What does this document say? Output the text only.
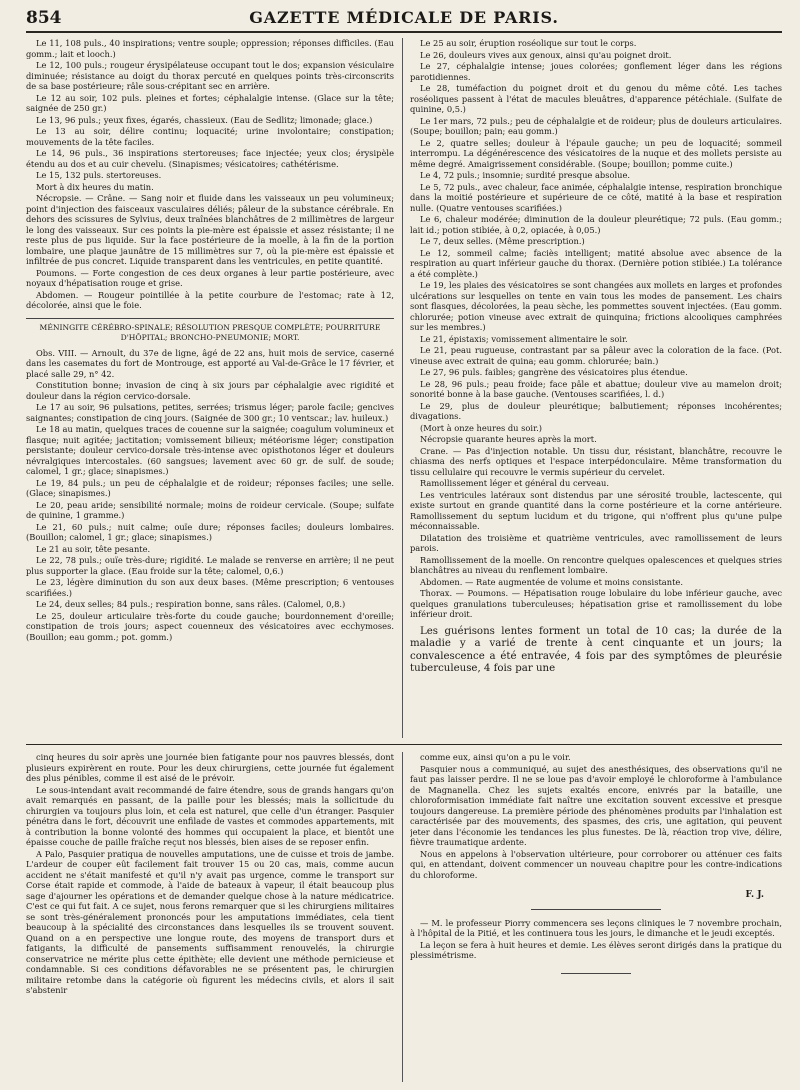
854	GAZETTE MÉDICALE DE PARIS.

Le 11, 108 puls., 40 inspirations; ventre souple; oppression; réponses difficiles. (Eau gomm.; lait et looch.)

Le 12, 100 puls.; rougeur érysipélateuse occupant tout le dos; expansion vésiculaire diminuée; résistance au doigt du thorax percuté en quelques points très-circonscrits de sa base postérieure; râle sous-crépitant sec en arrière.

Le 12 au soir, 102 puls. pleines et fortes; céphalalgie intense. (Glace sur la tête; saignée de 250 gr.)

Le 13, 96 puls.; yeux fixes, égarés, chassieux. (Eau de Sedlitz; limonade; glace.)

Le 13 au soir, délire continu; loquacité; urine involontaire; constipation; mouvements de la tête faciles.

Le 14, 96 puls., 36 inspirations stertoreuses; face injectée; yeux clos; érysipèle étendu au dos et au cuir chevelu. (Sinapismes; vésicatoires; cathétérisme.

Le 15, 132 puls. stertoreuses.

Mort à dix heures du matin.

Nécropsie. — Crâne. — Sang noir et fluide dans les vaisseaux un peu volumineux; point d'injection des faisceaux vasculaires déliés; pâleur de la substance cérébrale. En dehors des scissures de Sylvius, deux traînées blanchâtres de 2 millimètres de largeur le long des vaisseaux. Sur ces points la pie-mère est épaissie et assez résistante; il ne reste plus de pus liquide. Sur la face postérieure de la moelle, à la fin de la portion lombaire, une plaque jaunâtre de 15 millimètres sur 7, où la pie-mère est épaissie et infiltrée de pus concret. Liquide transparent dans les ventricules, en petite quantité.

Poumons. — Forte congestion de ces deux organes à leur partie postérieure, avec noyaux d'hépatisation rouge et grise.

Abdomen. — Rougeur pointillée à la petite courbure de l'estomac; rate à 12, décolorée, ainsi que le foie.

MÉNINGITE CÉRÉBRO-SPINALE; RÉSOLUTION PRESQUE COMPLÈTE; POURRITURE D'HÔPITAL; BRONCHO-PNEUMONIE; MORT.

Obs. VIII. — Arnoult, du 37e de ligne, âgé de 22 ans, huit mois de service, caserné dans les casemates du fort de Montrouge, est apporté au Val-de-Grâce le 17 février, et placé salle 29, n° 42.

Constitution bonne; invasion de cinq à six jours par céphalalgie avec rigidité et douleur dans la région cervico-dorsale.

Le 17 au soir, 96 pulsations, petites, serrées; trismus léger; parole facile; gencives saignantes; constipation de cinq jours. (Saignée de 300 gr.; 10 ventscar.; lav. huileux.)

Le 18 au matin, quelques traces de couenne sur la saignée; coagulum volumineux et flasque; nuit agitée; jactitation; vomissement bilieux; météorisme léger; constipation persistante; douleur cervico-dorsale très-intense avec opisthotonos léger et douleurs névralgiques intercostales. (60 sangsues; lavement avec 60 gr. de sulf. de soude; calomel, 1 gr.; glace; sinapismes.)

Le 19, 84 puls.; un peu de céphalalgie et de roideur; réponses faciles; une selle. (Glace; sinapismes.)

Le 20, peau aride; sensibilité normale; moins de roideur cervicale. (Soupe; sulfate de quinine, 1 gramme.)

Le 21, 60 puls.; nuit calme; ouïe dure; réponses faciles; douleurs lombaires. (Bouillon; calomel, 1 gr.; glace; sinapismes.)

Le 21 au soir, tête pesante.

Le 22, 78 puls.; ouïe très-dure; rigidité. Le malade se renverse en arrière; il ne peut plus supporter la glace. (Eau froide sur la tête; calomel, 0,6.)

Le 23, légère diminution du son aux deux bases. (Même prescription; 6 ventouses scarifiées.)

Le 24, deux selles; 84 puls.; respiration bonne, sans râles. (Calomel, 0,8.)

Le 25, douleur articulaire très-forte du coude gauche; bourdonnement d'oreille; constipation de trois jours; aspect couenneux des vésicatoires avec ecchymoses. (Bouillon; eau gomm.; pot. gomm.)

Le 25 au soir, éruption roséolique sur tout le corps.

Le 26, douleurs vives aux genoux, ainsi qu'au poignet droit.

Le 27, céphalalgie intense; joues colorées; gonflement léger dans les régions parotidiennes.

Le 28, tuméfaction du poignet droit et du genou du même côté. Les taches roséoliques passent à l'état de macules bleuâtres, d'apparence pétéchiale. (Sulfate de quinine, 0,5.)

Le 1er mars, 72 puls.; peu de céphalalgie et de roideur; plus de douleurs articulaires. (Soupe; bouillon; pain; eau gomm.)

Le 2, quatre selles; douleur à l'épaule gauche; un peu de loquacité; sommeil interrompu. La dégénérescence des vésicatoires de la nuque et des mollets persiste au même degré. Amaigrissement considérable. (Soupe; bouillon; pomme cuite.)

Le 4, 72 puls.; insomnie; surdité presque absolue.

Le 5, 72 puls., avec chaleur, face animée, céphalalgie intense, respiration bronchique dans la moitié postérieure et supérieure de ce côté, matité à la base et respiration nulle. (Quatre ventouses scarifiées.)

Le 6, chaleur modérée; diminution de la douleur pleurétique; 72 puls. (Eau gomm.; lait id.; potion stibiée, à 0,2, opiacée, à 0,05.)

Le 7, deux selles. (Même prescription.)

Le 12, sommeil calme; faciès intelligent; matité absolue avec absence de la respiration au quart inférieur gauche du thorax. (Dernière potion stibiée.) La tolérance a été complète.)

Le 19, les plaies des vésicatoires se sont changées aux mollets en larges et profondes ulcérations sur lesquelles on tente en vain tous les modes de pansement. Les chairs sont flasques, décolorées, la peau sèche, les pommettes souvent injectées. (Eau gomm. chlorurée; potion vineuse avec extrait de quinquina; frictions alcooliques camphrées sur les membres.)

Le 21, épistaxis; vomissement alimentaire le soir.

Le 21, peau rugueuse, contrastant par sa pâleur avec la coloration de la face. (Pot. vineuse avec extrait de quina; eau gomm. chlorurée; bain.)

Le 27, 96 puls. faibles; gangrène des vésicatoires plus étendue.

Le 28, 96 puls.; peau froide; face pâle et abattue; douleur vive au mamelon droit; sonorité bonne à la base gauche. (Ventouses scarifiées, l. d.)

Le 29, plus de douleur pleurétique; balbutiement; réponses incohérentes; divagations.

(Mort à onze heures du soir.)

Nécropsie quarante heures après la mort.

Crane. — Pas d'injection notable. Un tissu dur, résistant, blanchâtre, recouvre le chiasma des nerfs optiques et l'espace interpédonculaire. Même transformation du tissu cellulaire qui recouvre le vermis supérieur du cervelet.

Ramollissement léger et général du cerveau.

Les ventricules latéraux sont distendus par une sérosité trouble, lactescente, qui existe surtout en grande quantité dans la corne postérieure et la corne antérieure. Ramollissement du septum lucidum et du trigone, qui n'offrent plus qu'une pulpe méconnaissable.

Dilatation des troisième et quatrième ventricules, avec ramollissement de leurs parois.

Ramollissement de la moelle. On rencontre quelques opalescences et quelques stries blanchâtres au niveau du renflement lombaire.

Abdomen. — Rate augmentée de volume et moins consistante.

Thorax. — Poumons. — Hépatisation rouge lobulaire du lobe inférieur gauche, avec quelques granulations tuberculeuses; hépatisation grise et ramollissement du lobe inférieur droit.

Les guérisons lentes forment un total de 10 cas; la durée de la maladie y a varié de trente à cent cinquante et un jours; la convalescence a été entravée, 4 fois par des symptômes de pleurésie tuberculeuse, 4 fois par une

cinq heures du soir après une journée bien fatigante pour nos pauvres blessés, dont plusieurs expirèrent en route. Pour les deux chirurgiens, cette journée fut également des plus pénibles, comme il est aisé de le prévoir.

Le sous-intendant avait recommandé de faire étendre, sous de grands hangars qu'on avait remarqués en passant, de la paille pour les blessés; mais la sollicitude du chirurgien va toujours plus loin, et cela est naturel, que celle d'un étranger. Pasquier pénétra dans le fort, découvrit une enfilade de vastes et commodes appartements, mit à contribution la bonne volonté des hommes qui occupaient la place, et bientôt une épaisse couche de paille fraîche reçut nos blessés, bien aises de se reposer enfin.

A Palo, Pasquier pratiqua de nouvelles amputations, une de cuisse et trois de jambe. L'ardeur de couper eût facilement fait trouver 15 ou 20 cas, mais, comme aucun accident ne s'était manifesté et qu'il n'y avait pas urgence, comme le transport sur Corse était rapide et commode, à l'aide de bateaux à vapeur, il était beaucoup plus sage d'ajourner les opérations et de demander quelque chose à la nature médicatrice. C'est ce qui fut fait. A ce sujet, nous ferons remarquer que si les chirurgiens militaires se sont très-généralement prononcés pour les amputations immédiates, cela tient beaucoup à la spécialité des circonstances dans lesquelles ils se trouvent souvent. Quand on a en perspective une longue route, des moyens de transport durs et fatigants, la difficulté de pansements suffisamment renouvelés, la chirurgie conservatrice ne mérite plus cette épithète; elle devient une méthode pernicieuse et condamnable. Si ces conditions défavorables ne se présentent pas, le chirurgien militaire retombe dans la catégorie où figurent les médecins civils, et alors il sait s'abstenir

comme eux, ainsi qu'on a pu le voir.

Pasquier nous a communiqué, au sujet des anesthésiques, des observations qu'il ne faut pas laisser perdre. Il ne se loue pas d'avoir employé le chloroforme à l'ambulance de Magnanella. Chez les sujets exaltés encore, enivrés par la bataille, une chloroformisation immédiate fait naître une excitation souvent excessive et presque toujours dangereuse. La première période des phénomènes produits par l'inhalation est caractérisée par des mouvements, des spasmes, des cris, une agitation, qui peuvent jeter dans l'économie les tendances les plus funestes. De là, réaction trop vive, délire, fièvre traumatique ardente.

Nous en appelons à l'observation ultérieure, pour corroborer ou atténuer ces faits qui, en attendant, doivent commencer un nouveau chapitre pour les contre-indications du chloroforme.

F. J.

— M. le professeur Piorry commencera ses leçons cliniques le 7 novembre prochain, à l'hôpital de la Pitié, et les continuera tous les jours, le dimanche et le jeudi exceptés.

La leçon se fera à huit heures et demie. Les élèves seront dirigés dans la pratique du plessimétrisme.
